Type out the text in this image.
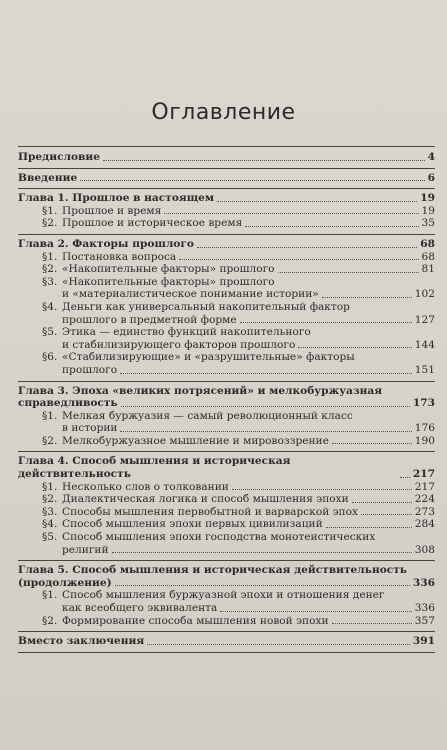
Оглавление
Предисловие	4
Введение	6
Глава 1. Прошлое в настоящем	19
§1. Прошлое и время	19
§2. Прошлое и историческое время	35
Глава 2. Факторы прошлого	68
§1. Постановка вопроса	68
§2. «Накопительные факторы» прошлого	81
§3. «Накопительные факторы» прошлого
и «материалистическое понимание истории»	102
§4. Деньги как универсальный накопительный фактор
прошлого в предметной форме	127
§5. Этика — единство функций накопительного
и стабилизирующего факторов прошлого	144
§6. «Стабилизирующие» и «разрушительные» факторы
прошлого	151
Глава 3. Эпоха «великих потрясений» и мелкобуржуазная
справедливость	173
§1. Мелкая буржуазия — самый революционный класс
в истории	176
§2. Мелкобуржуазное мышление и мировоззрение	190
Глава 4. Способ мышления и историческая действительность	217
§1. Несколько слов о толковании	217
§2. Диалектическая логика и способ мышления эпохи	224
§3. Способы мышления первобытной и варварской эпох	273
§4. Способ мышления эпохи первых цивилизаций	284
§5. Способ мышления эпохи господства монотеистических
религий	308
Глава 5. Способ мышления и историческая действительность
(продолжение)	336
§1. Способ мышления буржуазной эпохи и отношения денег
как всеобщего эквивалента	336
§2. Формирование способа мышления новой эпохи	357
Вместо заключения	391
